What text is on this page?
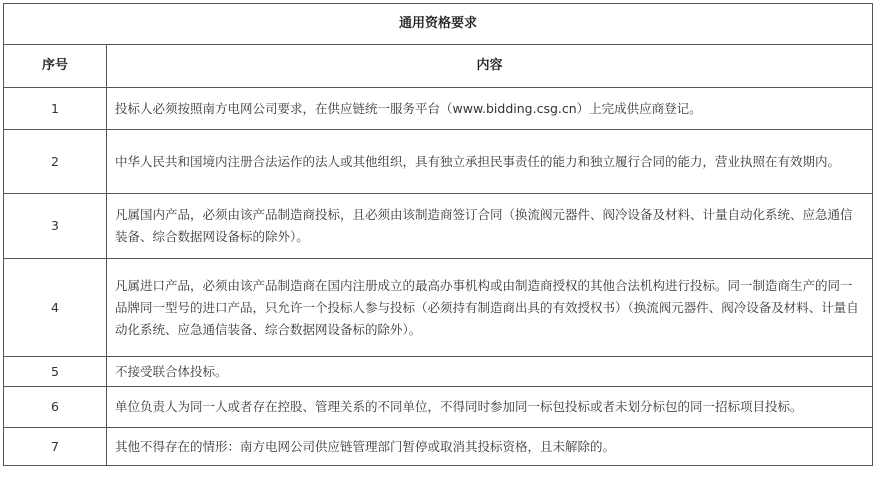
通用资格要求	
序号	内容
1	投标人必须按照南方电网公司要求，在供应链统一服务平台（www.bidding.csg.cn）上完成供应商登记。
2	中华人民共和国境内注册合法运作的法人或其他组织，具有独立承担民事责任的能力和独立履行合同的能力，营业执照在有效期内。
3	凡属国内产品，必须由该产品制造商投标，且必须由该制造商签订合同（换流阀元器件、阀冷设备及材料、计量自动化系统、应急通信装备、综合数据网设备标的除外）。
4	凡属进口产品，必须由该产品制造商在国内注册成立的最高办事机构或由制造商授权的其他合法机构进行投标。同一制造商生产的同一品牌同一型号的进口产品，只允许一个投标人参与投标（必须持有制造商出具的有效授权书）（换流阀元器件、阀冷设备及材料、计量自动化系统、应急通信装备、综合数据网设备标的除外）。
5	不接受联合体投标。
6	单位负责人为同一人或者存在控股、管理关系的不同单位，不得同时参加同一标包投标或者未划分标包的同一招标项目投标。
7	其他不得存在的情形：南方电网公司供应链管理部门暂停或取消其投标资格，且未解除的。
